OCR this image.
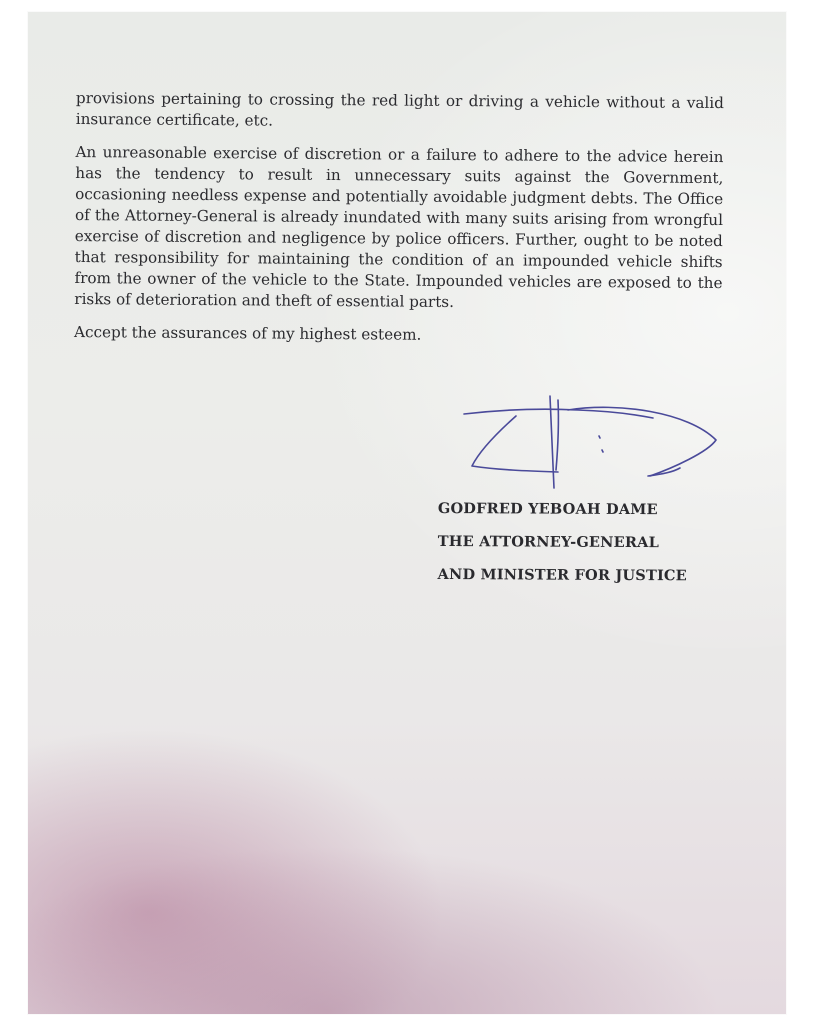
provisions pertaining to crossing the red light or driving a vehicle without a valid insurance certificate, etc.

An unreasonable exercise of discretion or a failure to adhere to the advice herein has the tendency to result in unnecessary suits against the Government, occasioning needless expense and potentially avoidable judgment debts. The Office of the Attorney-General is already inundated with many suits arising from wrongful exercise of discretion and negligence by police officers. Further, ought to be noted that responsibility for maintaining the condition of an impounded vehicle shifts from the owner of the vehicle to the State. Impounded vehicles are exposed to the risks of deterioration and theft of essential parts.

Accept the assurances of my highest esteem.

GODFRED YEBOAH DAME
THE ATTORNEY-GENERAL
AND MINISTER FOR JUSTICE
